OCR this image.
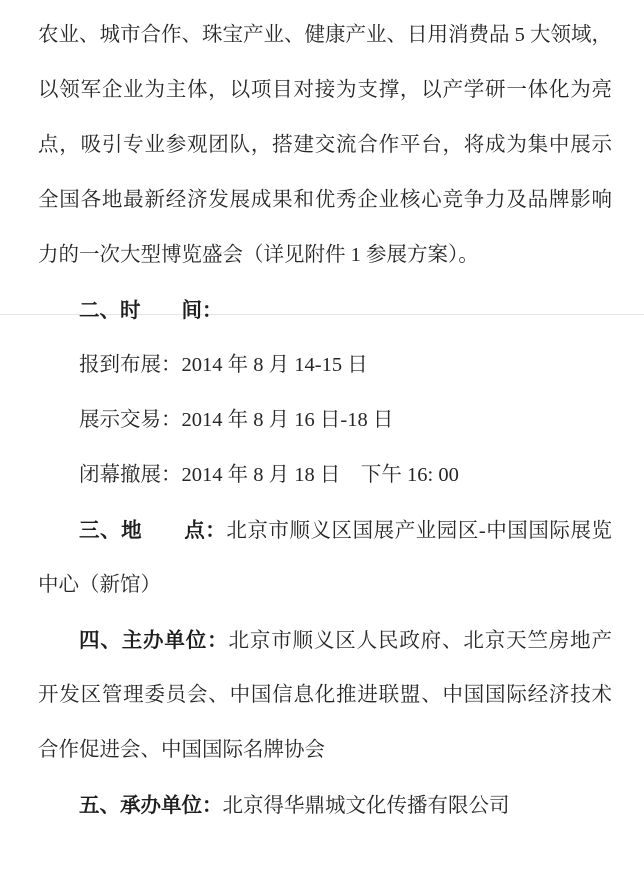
农业、城市合作、珠宝产业、健康产业、日用消费品 5 大领域，
以领军企业为主体，以项目对接为支撑，以产学研一体化为亮
点，吸引专业参观团队，搭建交流合作平台，将成为集中展示
全国各地最新经济发展成果和优秀企业核心竞争力及品牌影响
力的一次大型博览盛会（详见附件 1 参展方案）。
二、时　　间：
报到布展：2014 年 8 月 14-15 日
展示交易：2014 年 8 月 16 日-18 日
闭幕撤展：2014 年 8 月 18 日　下午 16: 00
三、地　　点：北京市顺义区国展产业园区-中国国际展览
中心（新馆）
四、主办单位：北京市顺义区人民政府、北京天竺房地产
开发区管理委员会、中国信息化推进联盟、中国国际经济技术
合作促进会、中国国际名牌协会
五、承办单位：北京得华鼎城文化传播有限公司
